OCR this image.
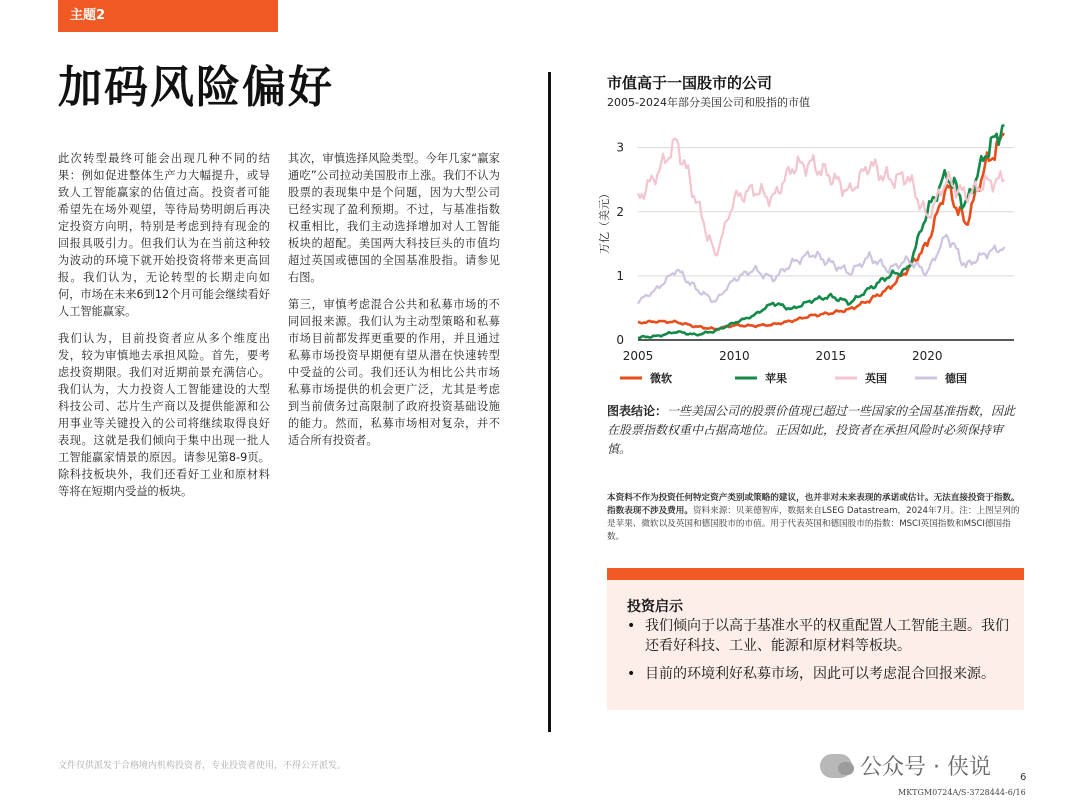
主题2
加码风险偏好

此次转型最终可能会出现几种不同的结果：例如促进整体生产力大幅提升，或导致人工智能赢家的估值过高。投资者可能希望先在场外观望，等待局势明朗后再决定投资方向明，特别是考虑到持有现金的回报具吸引力。但我们认为在当前这种较为波动的环境下就开始投资将带来更高回报。我们认为，无论转型的长期走向如何，市场在未来6到12个月可能会继续看好人工智能赢家。

我们认为，目前投资者应从多个维度出发，较为审慎地去承担风险。首先，要考虑投资期限。我们对近期前景充满信心。我们认为，大力投资人工智能建设的大型科技公司、芯片生产商以及提供能源和公用事业等关键投入的公司将继续取得良好表现。这就是我们倾向于集中出现一批人工智能赢家情景的原因。请参见第8-9页。除科技板块外，我们还看好工业和原材料等将在短期内受益的板块。

其次，审慎选择风险类型。今年几家“赢家通吃”公司拉动美国股市上涨。我们不认为股票的表现集中是个问题，因为大型公司已经实现了盈利预期。不过，与基准指数权重相比，我们主动选择增加对人工智能板块的超配。美国两大科技巨头的市值均超过英国或德国的全国基准股指。请参见右图。

第三，审慎考虑混合公共和私募市场的不同回报来源。我们认为主动型策略和私募市场目前都发挥更重要的作用，并且通过私募市场投资早期便有望从潜在快速转型中受益的公司。我们还认为相比公共市场私募市场提供的机会更广泛，尤其是考虑到当前债务过高限制了政府投资基础设施的能力。然而，私募市场相对复杂，并不适合所有投资者。

市值高于一国股市的公司
2005-2024年部分美国公司和股指的市值
0
1
2
3
万亿（美元）
2005	2010	2015	2020
微软	苹果	英国	德国
图表结论：一些美国公司的股票价值现已超过一些国家的全国基准指数，因此在股票指数权重中占据高地位。正因如此，投资者在承担风险时必须保持审慎。
本资料不作为投资任何特定资产类别或策略的建议，也并非对未来表现的承诺或估计。无法直接投资于指数。指数表现不涉及费用。资料来源：贝莱德智库，数据来自LSEG Datastream，2024年7月。注：上图呈列的是苹果、微软以及英国和德国股市的市值。用于代表英国和德国股市的指数：MSCI英国指数和MSCI德国指数。
投资启示
• 我们倾向于以高于基准水平的权重配置人工智能主题。我们还看好科技、工业、能源和原材料等板块。
• 目前的环境利好私募市场，因此可以考虑混合回报来源。
文件仅供派发于合格境内机构投资者，专业投资者使用，不得公开派发。	公众号 · 侠说	6
MKTGM0724A/S-3728444-6/16
